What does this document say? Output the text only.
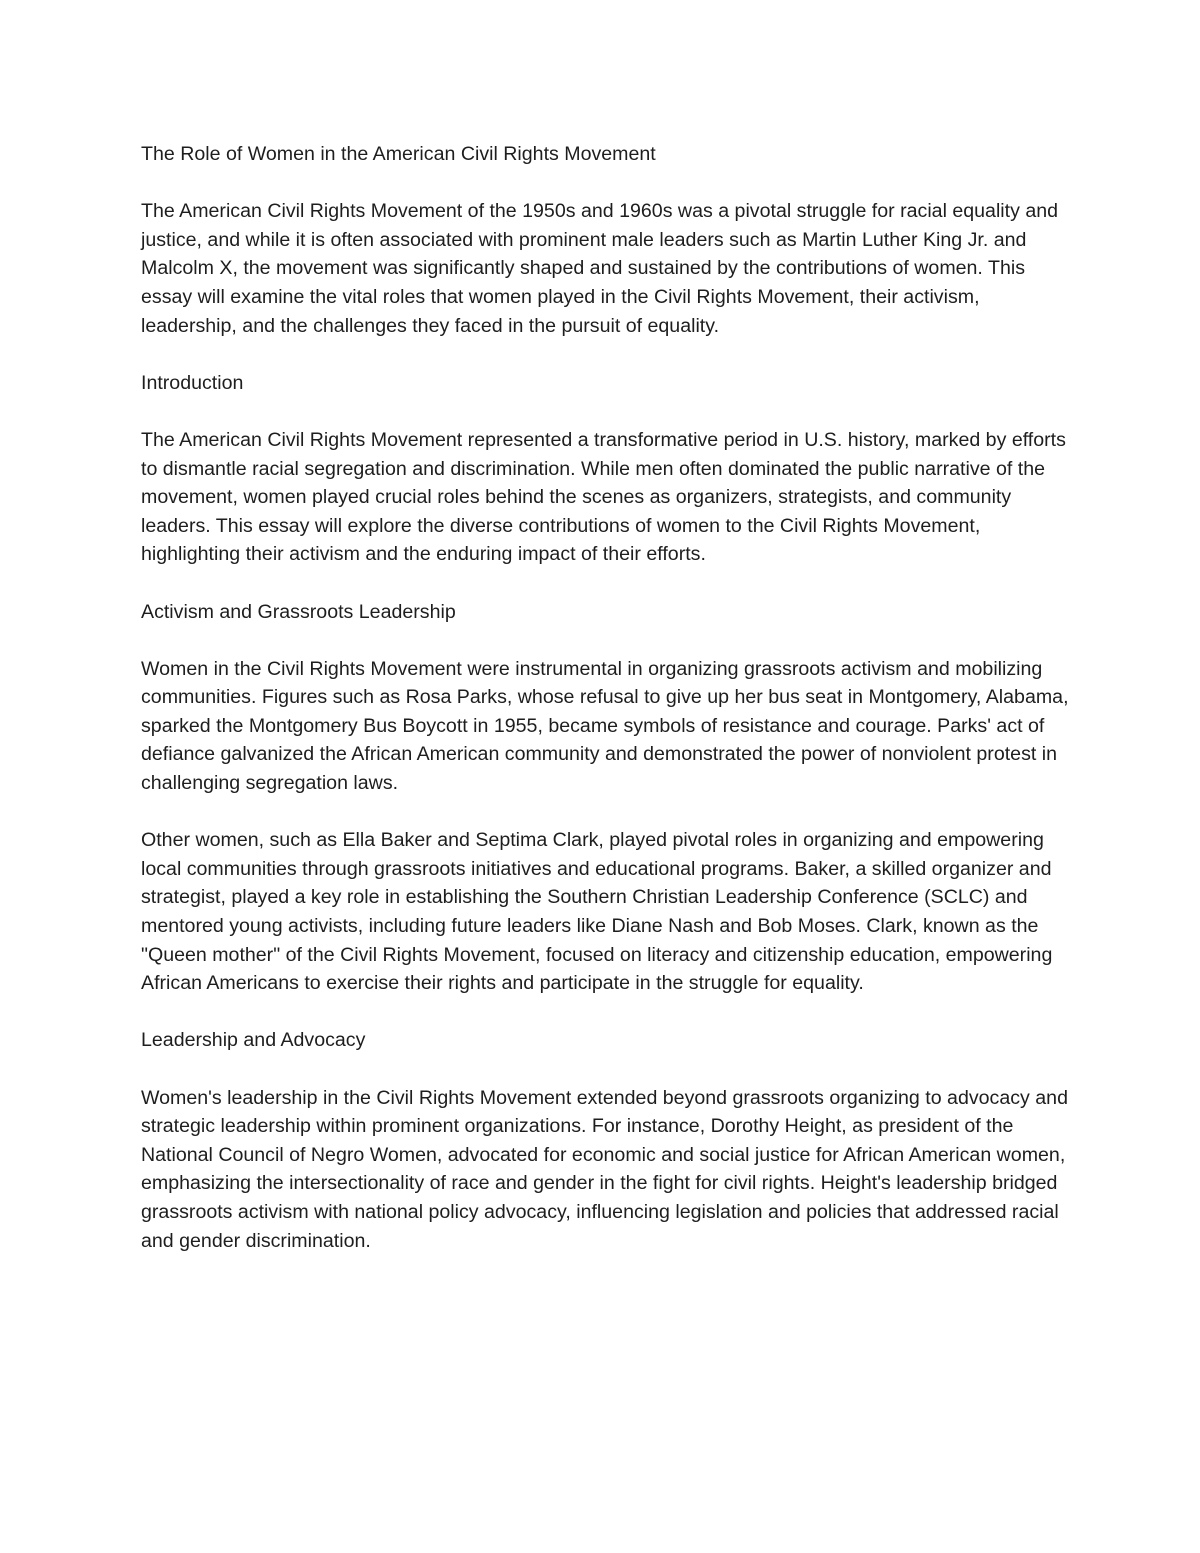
The Role of Women in the American Civil Rights Movement

The American Civil Rights Movement of the 1950s and 1960s was a pivotal struggle for racial equality and justice, and while it is often associated with prominent male leaders such as Martin Luther King Jr. and Malcolm X, the movement was significantly shaped and sustained by the contributions of women. This essay will examine the vital roles that women played in the Civil Rights Movement, their activism, leadership, and the challenges they faced in the pursuit of equality.

Introduction

The American Civil Rights Movement represented a transformative period in U.S. history, marked by efforts to dismantle racial segregation and discrimination. While men often dominated the public narrative of the movement, women played crucial roles behind the scenes as organizers, strategists, and community leaders. This essay will explore the diverse contributions of women to the Civil Rights Movement, highlighting their activism and the enduring impact of their efforts.

Activism and Grassroots Leadership

Women in the Civil Rights Movement were instrumental in organizing grassroots activism and mobilizing communities. Figures such as Rosa Parks, whose refusal to give up her bus seat in Montgomery, Alabama, sparked the Montgomery Bus Boycott in 1955, became symbols of resistance and courage. Parks' act of defiance galvanized the African American community and demonstrated the power of nonviolent protest in challenging segregation laws.

Other women, such as Ella Baker and Septima Clark, played pivotal roles in organizing and empowering local communities through grassroots initiatives and educational programs. Baker, a skilled organizer and strategist, played a key role in establishing the Southern Christian Leadership Conference (SCLC) and mentored young activists, including future leaders like Diane Nash and Bob Moses. Clark, known as the "Queen mother" of the Civil Rights Movement, focused on literacy and citizenship education, empowering African Americans to exercise their rights and participate in the struggle for equality.

Leadership and Advocacy

Women's leadership in the Civil Rights Movement extended beyond grassroots organizing to advocacy and strategic leadership within prominent organizations. For instance, Dorothy Height, as president of the National Council of Negro Women, advocated for economic and social justice for African American women, emphasizing the intersectionality of race and gender in the fight for civil rights. Height's leadership bridged grassroots activism with national policy advocacy, influencing legislation and policies that addressed racial and gender discrimination.
